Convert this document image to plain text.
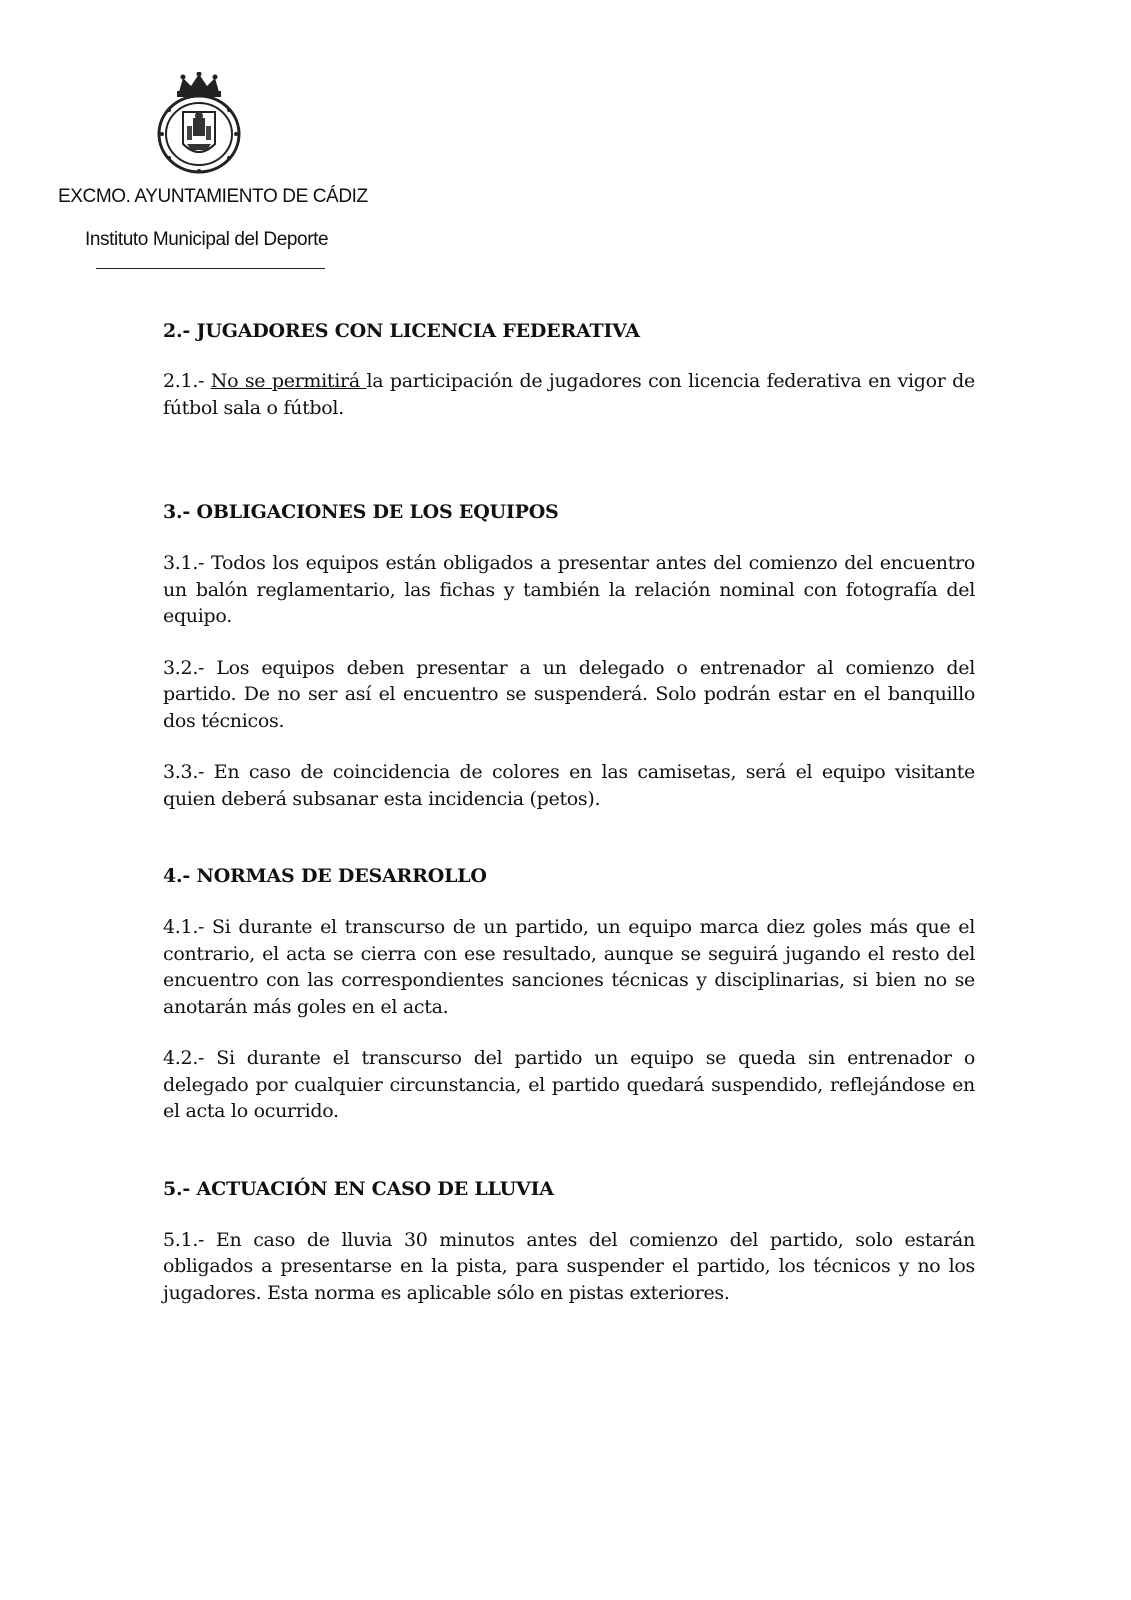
EXCMO. AYUNTAMIENTO DE CÁDIZ
Instituto Municipal del Deporte
2.- JUGADORES CON LICENCIA FEDERATIVA

2.1.- No se permitirá la participación de jugadores con licencia federativa en vigor de fútbol sala o fútbol.

3.- OBLIGACIONES DE LOS EQUIPOS

3.1.- Todos los equipos están obligados a presentar antes del comienzo del encuentro un balón reglamentario, las fichas y también la relación nominal con fotografía del equipo.

3.2.- Los equipos deben presentar a un delegado o entrenador al comienzo del partido. De no ser así el encuentro se suspenderá. Solo podrán estar en el banquillo dos técnicos.

3.3.- En caso de coincidencia de colores en las camisetas, será el equipo visitante quien deberá subsanar esta incidencia (petos).

4.- NORMAS DE DESARROLLO

4.1.- Si durante el transcurso de un partido, un equipo marca diez goles más que el contrario, el acta se cierra con ese resultado, aunque se seguirá jugando el resto del encuentro con las correspondientes sanciones técnicas y disciplinarias, si bien no se anotarán más goles en el acta.

4.2.- Si durante el transcurso del partido un equipo se queda sin entrenador o delegado por cualquier circunstancia, el partido quedará suspendido, reflejándose en el acta lo ocurrido.

5.- ACTUACIÓN EN CASO DE LLUVIA

5.1.- En caso de lluvia 30 minutos antes del comienzo del partido, solo estarán obligados a presentarse en la pista, para suspender el partido, los técnicos y no los jugadores. Esta norma es aplicable sólo en pistas exteriores.
